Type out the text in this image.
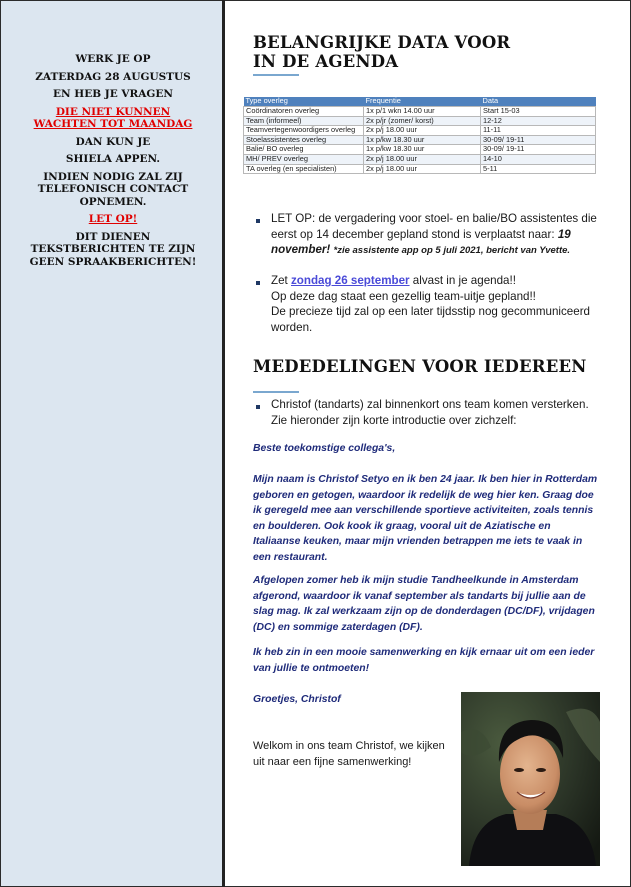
WERK JE OP

ZATERDAG 28 AUGUSTUS

EN HEB JE VRAGEN

DIE NIET KUNNEN WACHTEN TOT MAANDAG

DAN KUN JE

SHIELA APPEN.

INDIEN NODIG ZAL ZIJ TELEFONISCH CONTACT OPNEMEN.

LET OP!

DIT DIENEN TEKSTBERICHTEN TE ZIJN GEEN SPRAAKBERICHTEN!

BELANGRIJKE DATA VOOR
IN DE AGENDA
Type overleg	Frequentie	Data
Coördinatoren overleg	1x p/1 wkn 14.00 uur	Start 15-03
Team (informeel)	2x p/jr (zomer/ korst)	12-12
Teamvertegenwoordigers overleg	2x p/j 18.00 uur	11-11
Stoelassistentes overleg	1x p/kw 18.30 uur	30-09/ 19-11
Balie/ BO overleg	1x p/kw 18.30 uur	30-09/ 19-11
MH/ PREV overleg	2x p/j 18.00 uur	14-10
TA overleg (en specialisten)	2x p/j 18.00 uur	5-11
LET OP: de vergadering voor stoel- en balie/BO assistentes die eerst op 14 december gepland stond is verplaatst naar: 19 november! *zie assistente app op 5 juli 2021, bericht van Yvette.
Zet zondag 26 september alvast in je agenda!!
Op deze dag staat een gezellig team-uitje gepland!!
De precieze tijd zal op een later tijdsstip nog gecommuniceerd worden.
MEDEDELINGEN VOOR IEDEREEN
Christof (tandarts) zal binnenkort ons team komen versterken. Zie hieronder zijn korte introductie over zichzelf:
Beste toekomstige collega's,
Mijn naam is Christof Setyo en ik ben 24 jaar. Ik ben hier in Rotterdam geboren en getogen, waardoor ik redelijk de weg hier ken. Graag doe ik geregeld mee aan verschillende sportieve activiteiten, zoals tennis en boulderen. Ook kook ik graag, vooral uit de Aziatische en Italiaanse keuken, maar mijn vrienden betrappen me iets te vaak in een restaurant.
Afgelopen zomer heb ik mijn studie Tandheelkunde in Amsterdam afgerond, waardoor ik vanaf september als tandarts bij jullie aan de slag mag. Ik zal werkzaam zijn op de donderdagen (DC/DF), vrijdagen (DC) en sommige zaterdagen (DF).
Ik heb zin in een mooie samenwerking en kijk ernaar uit om een ieder van jullie te ontmoeten!
Groetjes, Christof
Welkom in ons team Christof, we kijken uit naar een fijne samenwerking!
